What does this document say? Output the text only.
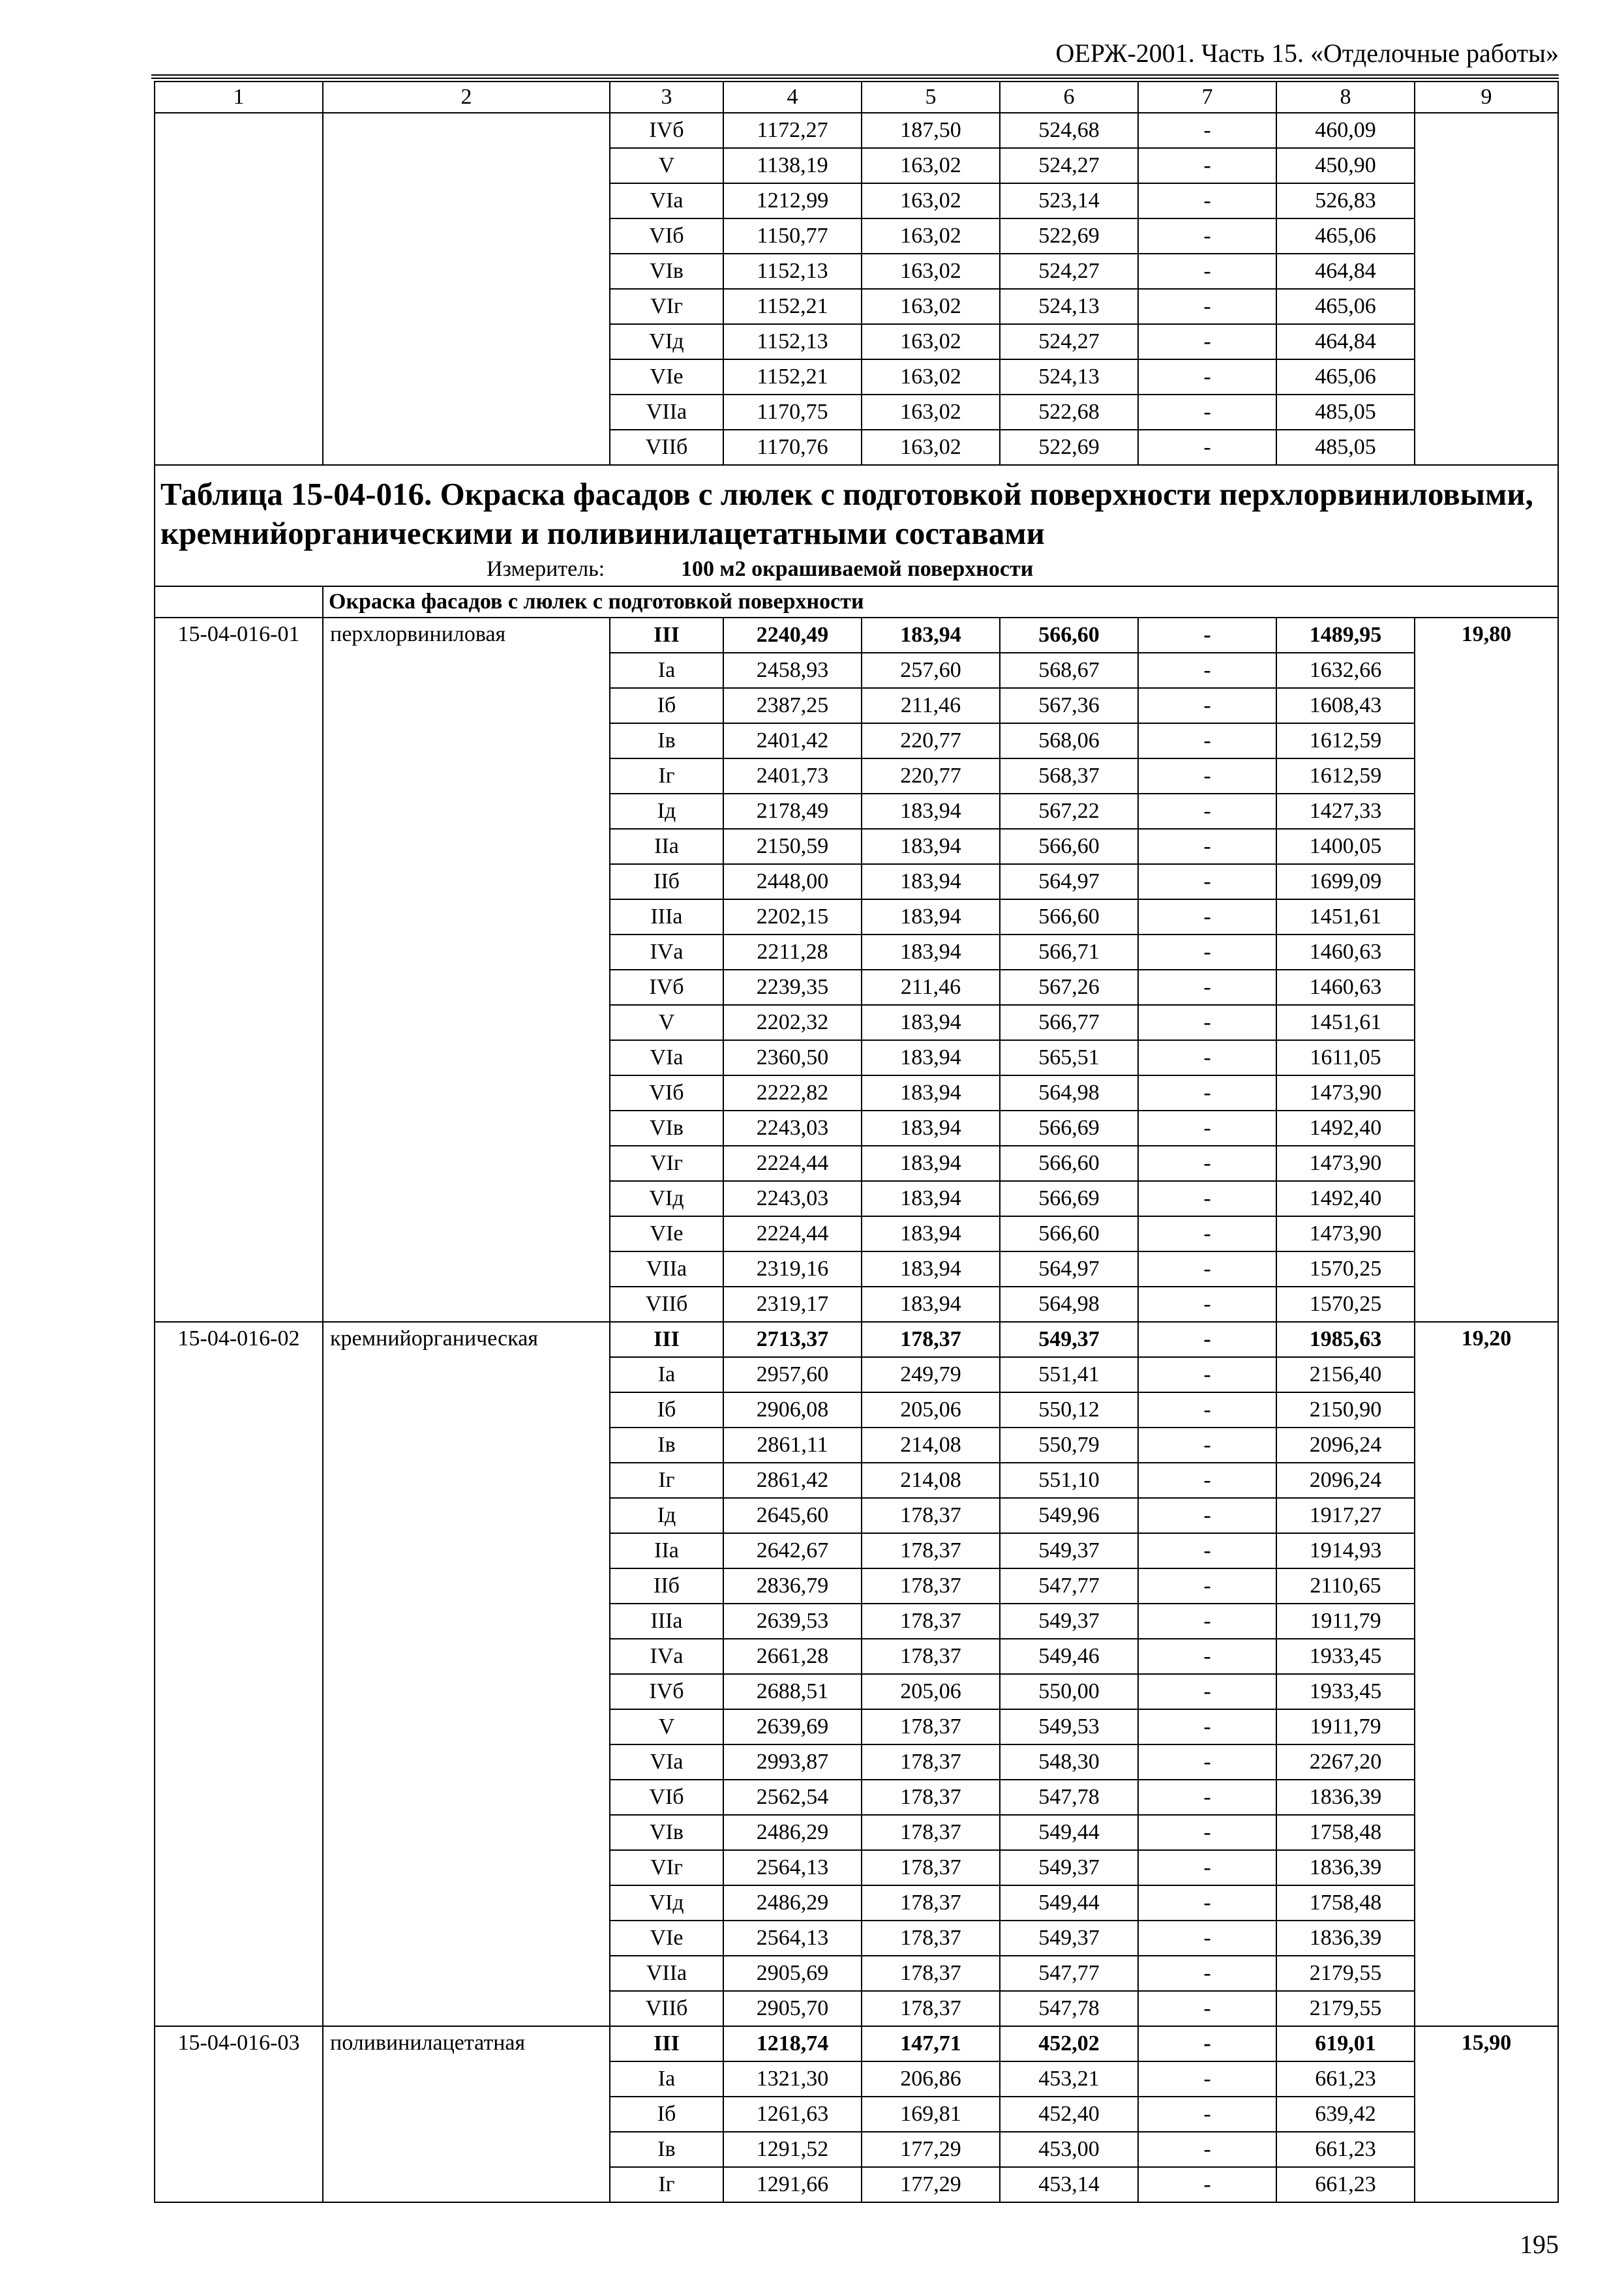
ОЕРЖ-2001. Часть 15. «Отделочные работы»
1	2	3	4	5	6	7	8	9
		IVб	1172,27	187,50	524,68	-	460,09	
		V	1138,19	163,02	524,27	-	450,90	
		VIа	1212,99	163,02	523,14	-	526,83	
		VIб	1150,77	163,02	522,69	-	465,06	
		VIв	1152,13	163,02	524,27	-	464,84	
		VIг	1152,21	163,02	524,13	-	465,06	
		VIд	1152,13	163,02	524,27	-	464,84	
		VIе	1152,21	163,02	524,13	-	465,06	
		VIIа	1170,75	163,02	522,68	-	485,05	
		VIIб	1170,76	163,02	522,69	-	485,05	

Таблица 15-04-016. Окраска фасадов с люлек с подготовкой поверхности перхлорвиниловыми, кремнийорганическими и поливинилацетатными составами
Измеритель: 100 м2 окрашиваемой поверхности								

	Окраска фасадов с люлек с подготовкой поверхности							
15-04-016-01	перхлорвиниловая	III	2240,49	183,94	566,60	-	1489,95	19,80
		Iа	2458,93	257,60	568,67	-	1632,66	
		Iб	2387,25	211,46	567,36	-	1608,43	
		Iв	2401,42	220,77	568,06	-	1612,59	
		Iг	2401,73	220,77	568,37	-	1612,59	
		Iд	2178,49	183,94	567,22	-	1427,33	
		IIа	2150,59	183,94	566,60	-	1400,05	
		IIб	2448,00	183,94	564,97	-	1699,09	
		IIIа	2202,15	183,94	566,60	-	1451,61	
		IVа	2211,28	183,94	566,71	-	1460,63	
		IVб	2239,35	211,46	567,26	-	1460,63	
		V	2202,32	183,94	566,77	-	1451,61	
		VIа	2360,50	183,94	565,51	-	1611,05	
		VIб	2222,82	183,94	564,98	-	1473,90	
		VIв	2243,03	183,94	566,69	-	1492,40	
		VIг	2224,44	183,94	566,60	-	1473,90	
		VIд	2243,03	183,94	566,69	-	1492,40	
		VIе	2224,44	183,94	566,60	-	1473,90	
		VIIа	2319,16	183,94	564,97	-	1570,25	
		VIIб	2319,17	183,94	564,98	-	1570,25	
15-04-016-02	кремнийорганическая	III	2713,37	178,37	549,37	-	1985,63	19,20
		Iа	2957,60	249,79	551,41	-	2156,40	
		Iб	2906,08	205,06	550,12	-	2150,90	
		Iв	2861,11	214,08	550,79	-	2096,24	
		Iг	2861,42	214,08	551,10	-	2096,24	
		Iд	2645,60	178,37	549,96	-	1917,27	
		IIа	2642,67	178,37	549,37	-	1914,93	
		IIб	2836,79	178,37	547,77	-	2110,65	
		IIIа	2639,53	178,37	549,37	-	1911,79	
		IVа	2661,28	178,37	549,46	-	1933,45	
		IVб	2688,51	205,06	550,00	-	1933,45	
		V	2639,69	178,37	549,53	-	1911,79	
		VIа	2993,87	178,37	548,30	-	2267,20	
		VIб	2562,54	178,37	547,78	-	1836,39	
		VIв	2486,29	178,37	549,44	-	1758,48	
		VIг	2564,13	178,37	549,37	-	1836,39	
		VIд	2486,29	178,37	549,44	-	1758,48	
		VIе	2564,13	178,37	549,37	-	1836,39	
		VIIа	2905,69	178,37	547,77	-	2179,55	
		VIIб	2905,70	178,37	547,78	-	2179,55	
15-04-016-03	поливинилацетатная	III	1218,74	147,71	452,02	-	619,01	15,90
		Iа	1321,30	206,86	453,21	-	661,23	
		Iб	1261,63	169,81	452,40	-	639,42	
		Iв	1291,52	177,29	453,00	-	661,23	
		Iг	1291,66	177,29	453,14	-	661,23	
195
